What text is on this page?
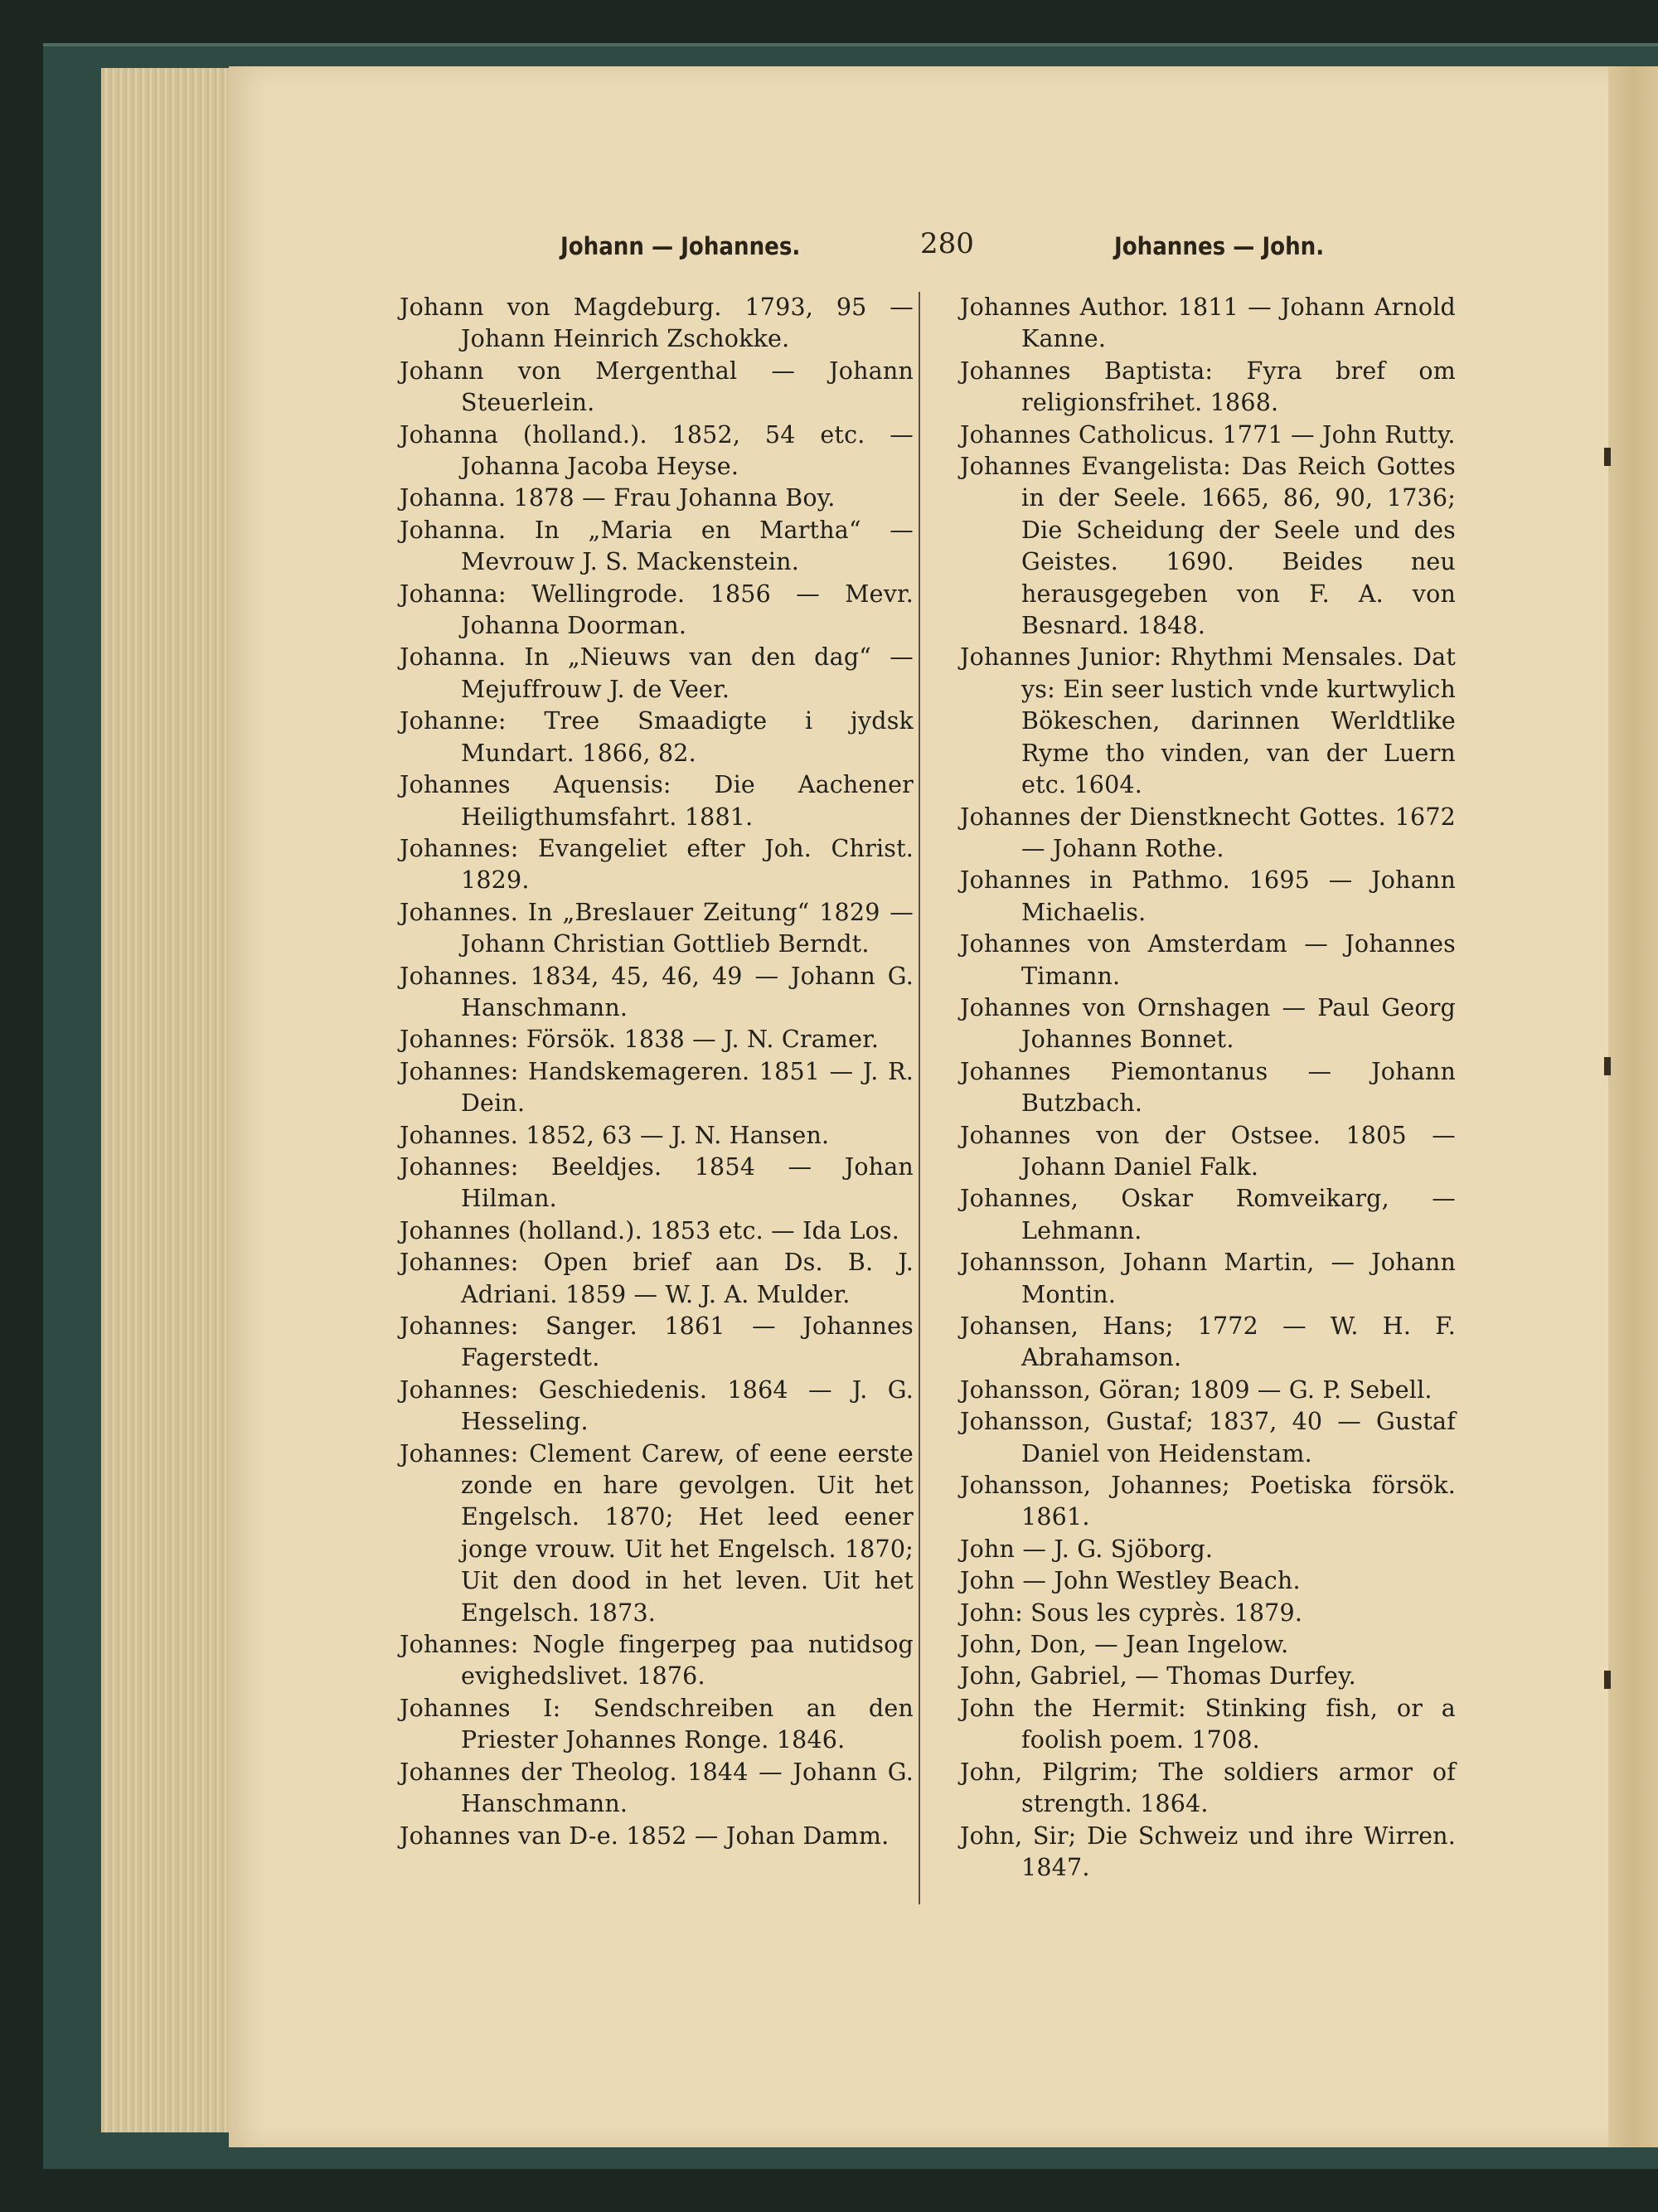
Johann — Johannes.	280	Johannes — John.

Johann von Magdeburg. 1793, 95 — Johann Heinrich Zschokke.

Johann von Mergenthal — Johann Steuerlein.

Johanna (holland.). 1852, 54 etc. — Johanna Jacoba Heyse.

Johanna. 1878 — Frau Johanna Boy.

Johanna. In „Maria en Martha“ — Mevrouw J. S. Mackenstein.

Johanna: Wellingrode. 1856 — Mevr. Johanna Doorman.

Johanna. In „Nieuws van den dag“ — Mejuffrouw J. de Veer.

Johanne: Tree Smaadigte i jydsk Mundart. 1866, 82.

Johannes Aquensis: Die Aachener Heiligthumsfahrt. 1881.

Johannes: Evangeliet efter Joh. Christ. 1829.

Johannes. In „Breslauer Zeitung“ 1829 — Johann Christian Gottlieb Berndt.

Johannes. 1834, 45, 46, 49 — Johann G. Hanschmann.

Johannes: Försök. 1838 — J. N. Cramer.

Johannes: Handskemageren. 1851 — J. R. Dein.

Johannes. 1852, 63 — J. N. Hansen.

Johannes: Beeldjes. 1854 — Johan Hilman.

Johannes (holland.). 1853 etc. — Ida Los.

Johannes: Open brief aan Ds. B. J. Adriani. 1859 — W. J. A. Mulder.

Johannes: Sanger. 1861 — Johannes Fagerstedt.

Johannes: Geschiedenis. 1864 — J. G. Hesseling.

Johannes: Clement Carew, of eene eerste zonde en hare gevolgen. Uit het Engelsch. 1870; Het leed eener jonge vrouw. Uit het Engelsch. 1870; Uit den dood in het leven. Uit het Engelsch. 1873.

Johannes: Nogle fingerpeg paa nutidsog evighedslivet. 1876.

Johannes I: Sendschreiben an den Priester Johannes Ronge. 1846.

Johannes der Theolog. 1844 — Johann G. Hanschmann.

Johannes van D-e. 1852 — Johan Damm.

Johannes Author. 1811 — Johann Arnold Kanne.

Johannes Baptista: Fyra bref om religionsfrihet. 1868.

Johannes Catholicus. 1771 — John Rutty.

Johannes Evangelista: Das Reich Gottes in der Seele. 1665, 86, 90, 1736; Die Scheidung der Seele und des Geistes. 1690. Beides neu herausgegeben von F. A. von Besnard. 1848.

Johannes Junior: Rhythmi Mensales. Dat ys: Ein seer lustich vnde kurtwylich Bökeschen, darinnen Werldtlike Ryme tho vinden, van der Luern etc. 1604.

Johannes der Dienstknecht Gottes. 1672 — Johann Rothe.

Johannes in Pathmo. 1695 — Johann Michaelis.

Johannes von Amsterdam — Johannes Timann.

Johannes von Ornshagen — Paul Georg Johannes Bonnet.

Johannes Piemontanus — Johann Butzbach.

Johannes von der Ostsee. 1805 — Johann Daniel Falk.

Johannes, Oskar Romveikarg, — Lehmann.

Johannsson, Johann Martin, — Johann Montin.

Johansen, Hans; 1772 — W. H. F. Abrahamson.

Johansson, Göran; 1809 — G. P. Sebell.

Johansson, Gustaf; 1837, 40 — Gustaf Daniel von Heidenstam.

Johansson, Johannes; Poetiska försök. 1861.

John — J. G. Sjöborg.

John — John Westley Beach.

John: Sous les cyprès. 1879.

John, Don, — Jean Ingelow.

John, Gabriel, — Thomas Durfey.

John the Hermit: Stinking fish, or a foolish poem. 1708.

John, Pilgrim; The soldiers armor of strength. 1864.

John, Sir; Die Schweiz und ihre Wirren. 1847.
